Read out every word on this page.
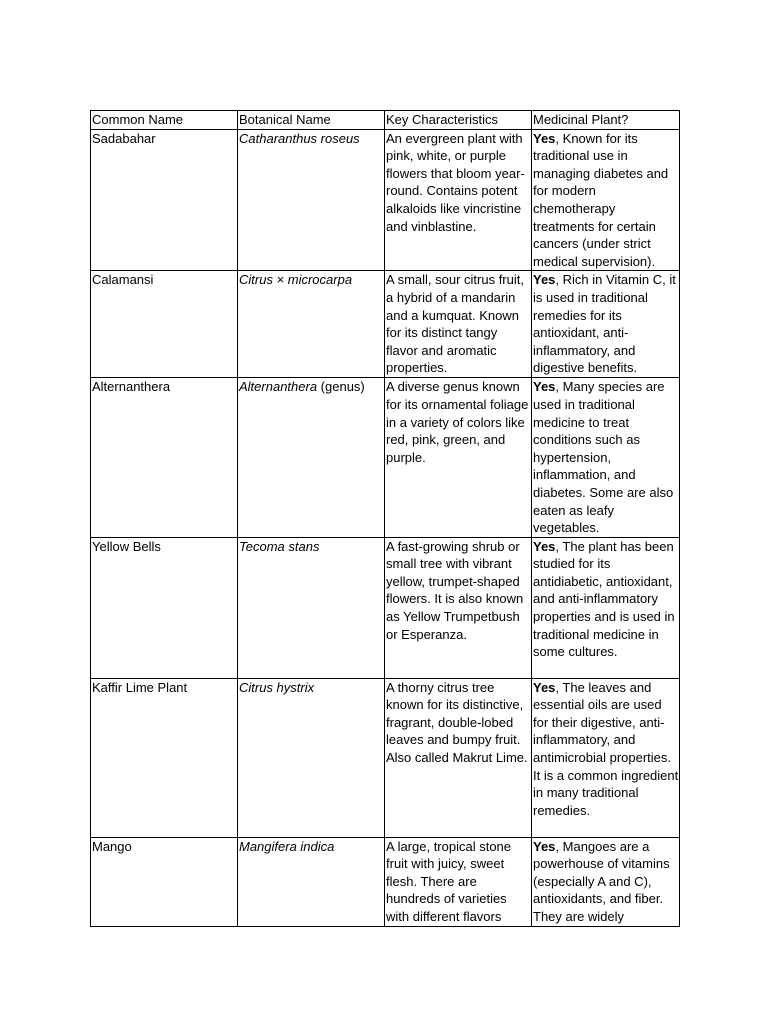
Common Name	Botanical Name	Key Characteristics	Medicinal Plant?
Sadabahar	Catharanthus roseus	An evergreen plant with pink, white, or purple flowers that bloom year-round. Contains potent alkaloids like vincristine and vinblastine.	Yes, Known for its traditional use in managing diabetes and for modern chemotherapy treatments for certain cancers (under strict medical supervision).
Calamansi	Citrus × microcarpa	A small, sour citrus fruit, a hybrid of a mandarin and a kumquat. Known for its distinct tangy flavor and aromatic properties.	Yes, Rich in Vitamin C, it is used in traditional remedies for its antioxidant, anti-inflammatory, and digestive benefits.
Alternanthera	Alternanthera (genus)	A diverse genus known for its ornamental foliage in a variety of colors like red, pink, green, and purple.	Yes, Many species are used in traditional medicine to treat conditions such as hypertension, inflammation, and diabetes. Some are also eaten as leafy vegetables.
Yellow Bells	Tecoma stans	A fast-growing shrub or small tree with vibrant yellow, trumpet-shaped flowers. It is also known as Yellow Trumpetbush or Esperanza.	Yes, The plant has been studied for its antidiabetic, antioxidant, and anti-inflammatory properties and is used in traditional medicine in some cultures.
Kaffir Lime Plant	Citrus hystrix	A thorny citrus tree known for its distinctive, fragrant, double-lobed leaves and bumpy fruit. Also called Makrut Lime.	Yes, The leaves and essential oils are used for their digestive, anti-inflammatory, and antimicrobial properties. It is a common ingredient in many traditional remedies.
Mango	Mangifera indica	A large, tropical stone fruit with juicy, sweet flesh. There are hundreds of varieties with different flavors	Yes, Mangoes are a powerhouse of vitamins (especially A and C), antioxidants, and fiber. They are widely
